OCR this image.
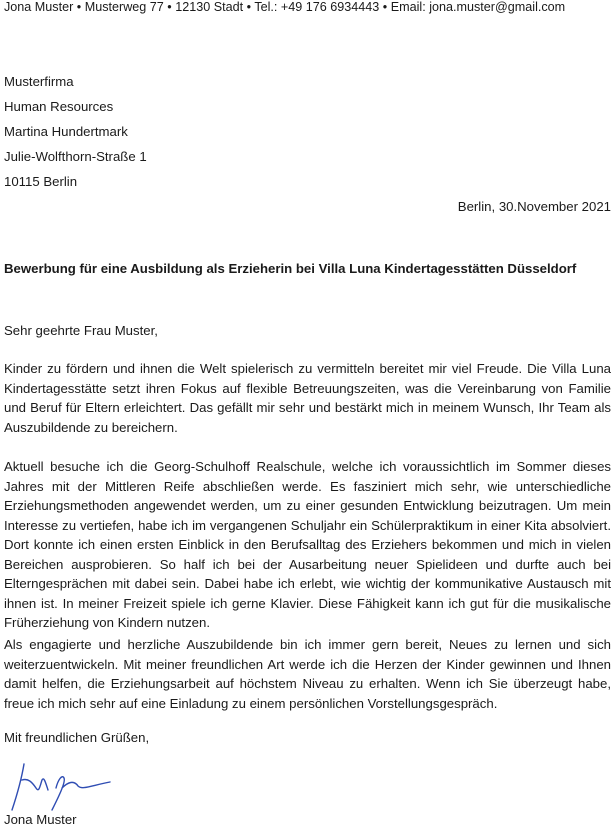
Jona Muster • Musterweg 77 • 12130 Stadt • Tel.: +49 176 6934443 • Email: jona.muster@gmail.com
Musterfirma
Human Resources
Martina Hundertmark
Julie-Wolfthorn-Straße 1
10115 Berlin
Berlin, 30.November 2021
Bewerbung für eine Ausbildung als Erzieherin bei Villa Luna Kindertagesstätten Düsseldorf
Sehr geehrte Frau Muster,
Kinder zu fördern und ihnen die Welt spielerisch zu vermitteln bereitet mir viel Freude. Die Villa Luna Kindertagesstätte setzt ihren Fokus auf flexible Betreuungszeiten, was die Vereinbarung von Familie und Beruf für Eltern erleichtert. Das gefällt mir sehr und bestärkt mich in meinem Wunsch, Ihr Team als Auszubildende zu bereichern.
Aktuell besuche ich die Georg-Schulhoff Realschule, welche ich voraussichtlich im Sommer dieses Jahres mit der Mittleren Reife abschließen werde. Es fasziniert mich sehr, wie unterschiedliche Erziehungsmethoden angewendet werden, um zu einer gesunden Entwicklung beizutragen. Um mein Interesse zu vertiefen, habe ich im vergangenen Schuljahr ein Schülerpraktikum in einer Kita absolviert. Dort konnte ich einen ersten Einblick in den Berufsalltag des Erziehers bekommen und mich in vielen Bereichen ausprobieren. So half ich bei der Ausarbeitung neuer Spielideen und durfte auch bei Elterngesprächen mit dabei sein. Dabei habe ich erlebt, wie wichtig der kommunikative Austausch mit ihnen ist. In meiner Freizeit spiele ich gerne Klavier. Diese Fähigkeit kann ich gut für die musikalische Früherziehung von Kindern nutzen.
Als engagierte und herzliche Auszubildende bin ich immer gern bereit, Neues zu lernen und sich weiterzuentwickeln. Mit meiner freundlichen Art werde ich die Herzen der Kinder gewinnen und Ihnen damit helfen, die Erziehungsarbeit auf höchstem Niveau zu erhalten. Wenn ich Sie überzeugt habe, freue ich mich sehr auf eine Einladung zu einem persönlichen Vorstellungsgespräch.
Mit freundlichen Grüßen,
Jona Muster
